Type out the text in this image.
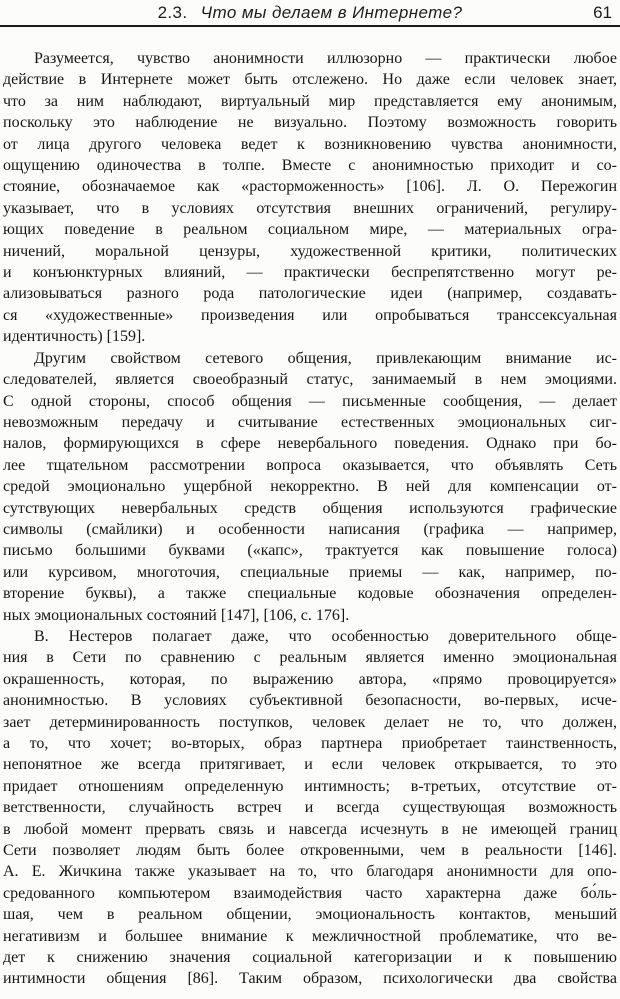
2.3. Что мы делаем в Интернете?	61
Разумеется, чувство анонимности иллюзорно — практически любое
действие в Интернете может быть отслежено. Но даже если человек знает,
что за ним наблюдают, виртуальный мир представляется ему анонимым,
поскольку это наблюдение не визуально. Поэтому возможность говорить
от лица другого человека ведет к возникновению чувства анонимности,
ощущению одиночества в толпе. Вместе с анонимностью приходит и со-
стояние, обозначаемое как «расторможенность» [106]. Л. О. Пережогин
указывает, что в условиях отсутствия внешних ограничений, регулиру-
ющих поведение в реальном социальном мире, — материальных огра-
ничений, моральной цензуры, художественной критики, политических
и конъюнктурных влияний, — практически беспрепятственно могут ре-
ализовываться разного рода патологические идеи (например, создавать-
ся «художественные» произведения или опробываться транссексуальная
идентичность) [159].
Другим свойством сетевого общения, привлекающим внимание ис-
следователей, является своеобразный статус, занимаемый в нем эмоциями.
С одной стороны, способ общения — письменные сообщения, — делает
невозможным передачу и считывание естественных эмоциональных сиг-
налов, формирующихся в сфере невербального поведения. Однако при бо-
лее тщательном рассмотрении вопроса оказывается, что объявлять Сеть
средой эмоционально ущербной некорректно. В ней для компенсации от-
сутствующих невербальных средств общения используются графические
символы (смайлики) и особенности написания (графика — например,
письмо большими буквами («капс», трактуется как повышение голоса)
или курсивом, многоточия, специальные приемы — как, например, по-
вторение буквы), а также специальные кодовые обозначения определен-
ных эмоциональных состояний [147], [106, с. 176].
В. Нестеров полагает даже, что особенностью доверительного обще-
ния в Сети по сравнению с реальным является именно эмоциональная
окрашенность, которая, по выражению автора, «прямо провоцируется»
анонимностью. В условиях субъективной безопасности, во-первых, исче-
зает детерминированность поступков, человек делает не то, что должен,
а то, что хочет; во-вторых, образ партнера приобретает таинственность,
непонятное же всегда притягивает, и если человек открывается, то это
придает отношениям определенную интимность; в-третьих, отсутствие от-
ветственности, случайность встреч и всегда существующая возможность
в любой момент прервать связь и навсегда исчезнуть в не имеющей границ
Сети позволяет людям быть более откровенными, чем в реальности [146].
А. Е. Жичкина также указывает на то, что благодаря анонимности для опо-
средованного компьютером взаимодействия часто характерна даже бо́ль-
шая, чем в реальном общении, эмоциональность контактов, меньший
негативизм и большее внимание к межличностной проблематике, что ве-
дет к снижению значения социальной категоризации и к повышению
интимности общения [86]. Таким образом, психологически два свойства
